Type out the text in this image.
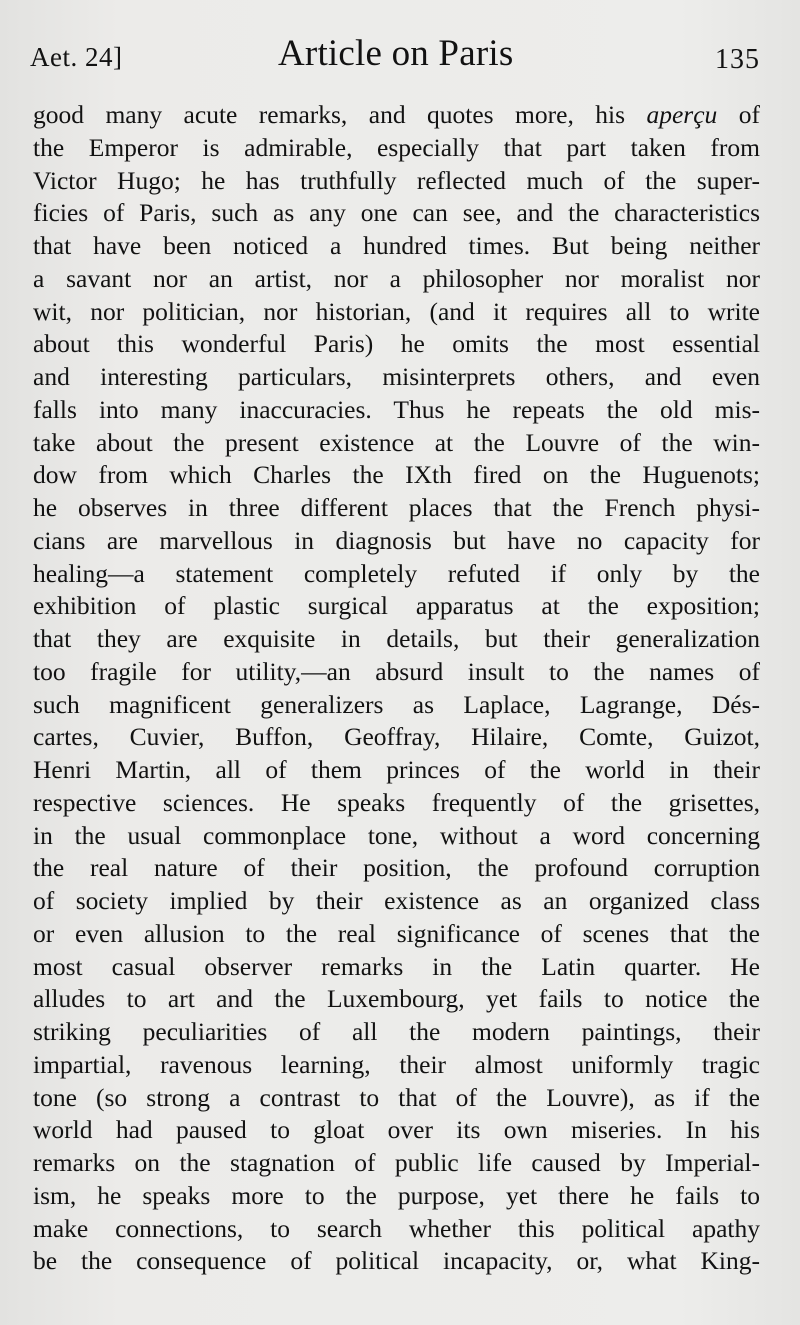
Aet. 24]	Article on Paris	135
good many acute remarks, and quotes more, his aperçu of
the Emperor is admirable, especially that part taken from
Victor Hugo; he has truthfully reflected much of the super-
ficies of Paris, such as any one can see, and the characteristics
that have been noticed a hundred times. But being neither
a savant nor an artist, nor a philosopher nor moralist nor
wit, nor politician, nor historian, (and it requires all to write
about this wonderful Paris) he omits the most essential
and interesting particulars, misinterprets others, and even
falls into many inaccuracies. Thus he repeats the old mis-
take about the present existence at the Louvre of the win-
dow from which Charles the IXth fired on the Huguenots;
he observes in three different places that the French physi-
cians are marvellous in diagnosis but have no capacity for
healing—a statement completely refuted if only by the
exhibition of plastic surgical apparatus at the exposition;
that they are exquisite in details, but their generalization
too fragile for utility,—an absurd insult to the names of
such magnificent generalizers as Laplace, Lagrange, Dés-
cartes, Cuvier, Buffon, Geoffray, Hilaire, Comte, Guizot,
Henri Martin, all of them princes of the world in their
respective sciences. He speaks frequently of the grisettes,
in the usual commonplace tone, without a word concerning
the real nature of their position, the profound corruption
of society implied by their existence as an organized class
or even allusion to the real significance of scenes that the
most casual observer remarks in the Latin quarter. He
alludes to art and the Luxembourg, yet fails to notice the
striking peculiarities of all the modern paintings, their
impartial, ravenous learning, their almost uniformly tragic
tone (so strong a contrast to that of the Louvre), as if the
world had paused to gloat over its own miseries. In his
remarks on the stagnation of public life caused by Imperial-
ism, he speaks more to the purpose, yet there he fails to
make connections, to search whether this political apathy
be the consequence of political incapacity, or, what King-
